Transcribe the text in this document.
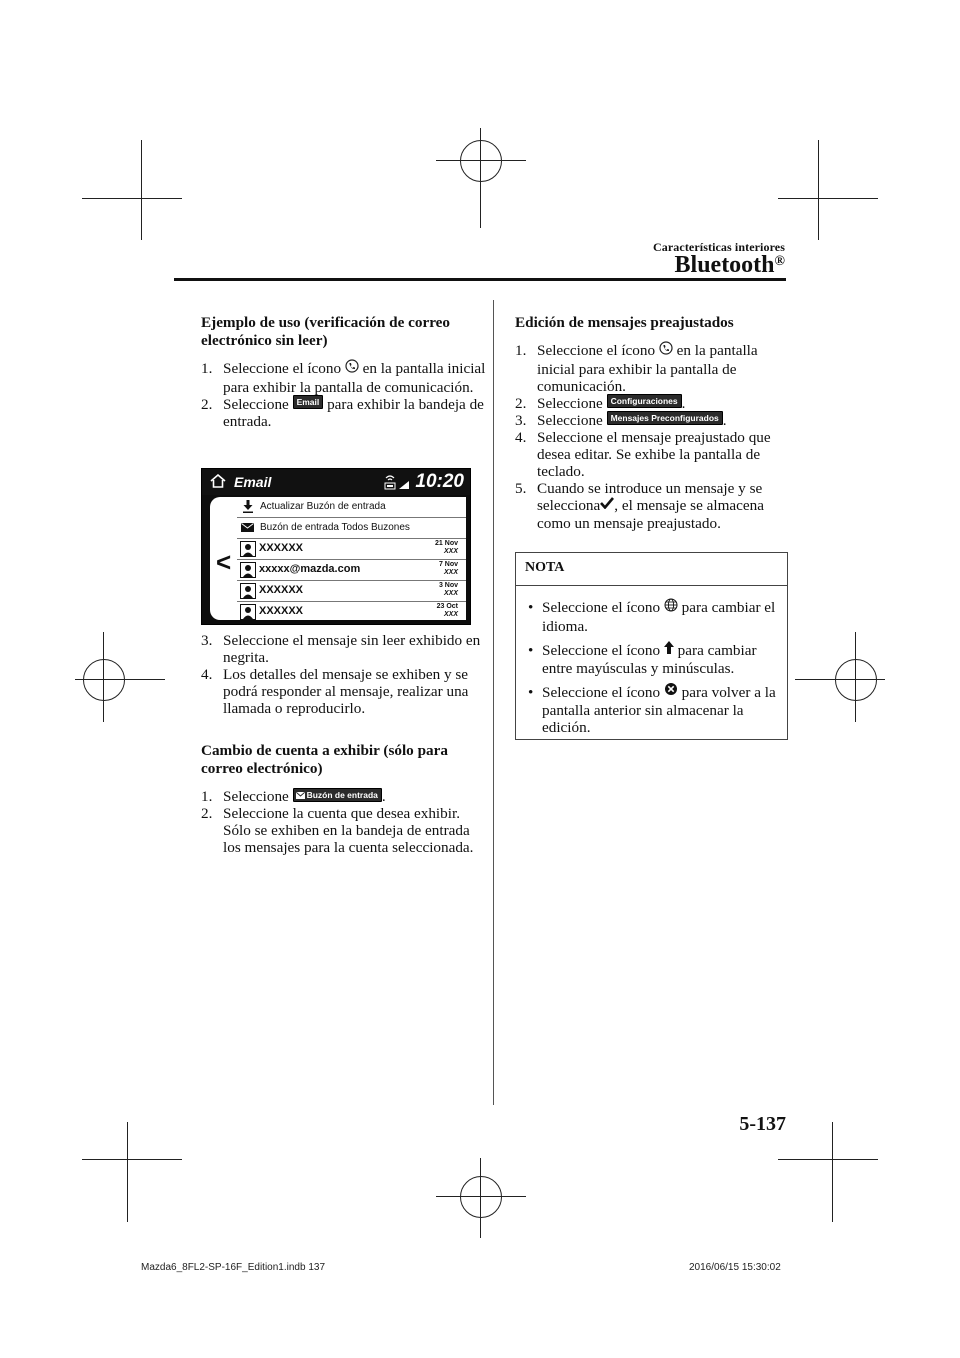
Características interiores
Bluetooth®
Ejemplo de uso (verificación de correo electrónico sin leer)
1. Seleccione el ícono en la pantalla inicial para exhibir la pantalla de comunicación.
2. Seleccione Email para exhibir la bandeja de entrada.
Email	10:20
<
Actualizar Buzón de entrada
Buzón de entrada Todos Buzones
XXXXXX	21 Nov
XXX
xxxxx@mazda.com	7 Nov
XXX
XXXXXX	3 Nov
XXX
XXXXXX	23 Oct
XXX
3. Seleccione el mensaje sin leer exhibido en negrita.
4. Los detalles del mensaje se exhiben y se podrá responder al mensaje, realizar una llamada o reproducirlo.
Cambio de cuenta a exhibir (sólo para correo electrónico)
1. Seleccione Buzón de entrada .
2. Seleccione la cuenta que desea exhibir. Sólo se exhiben en la bandeja de entrada los mensajes para la cuenta seleccionada.
Edición de mensajes preajustados
1. Seleccione el ícono en la pantalla inicial para exhibir la pantalla de comunicación.
2. Seleccione Configuraciones .
3. Seleccione Mensajes Preconfigurados .
4. Seleccione el mensaje preajustado que desea editar. Se exhibe la pantalla de teclado.
5. Cuando se introduce un mensaje y se selecciona , el mensaje se almacena como un mensaje preajustado.
NOTA
• Seleccione el ícono para cambiar el idioma.
• Seleccione el ícono para cambiar entre mayúsculas y minúsculas.
• Seleccione el ícono para volver a la pantalla anterior sin almacenar la edición.
5-137
Mazda6_8FL2-SP-16F_Edition1.indb 137	2016/06/15 15:30:02
